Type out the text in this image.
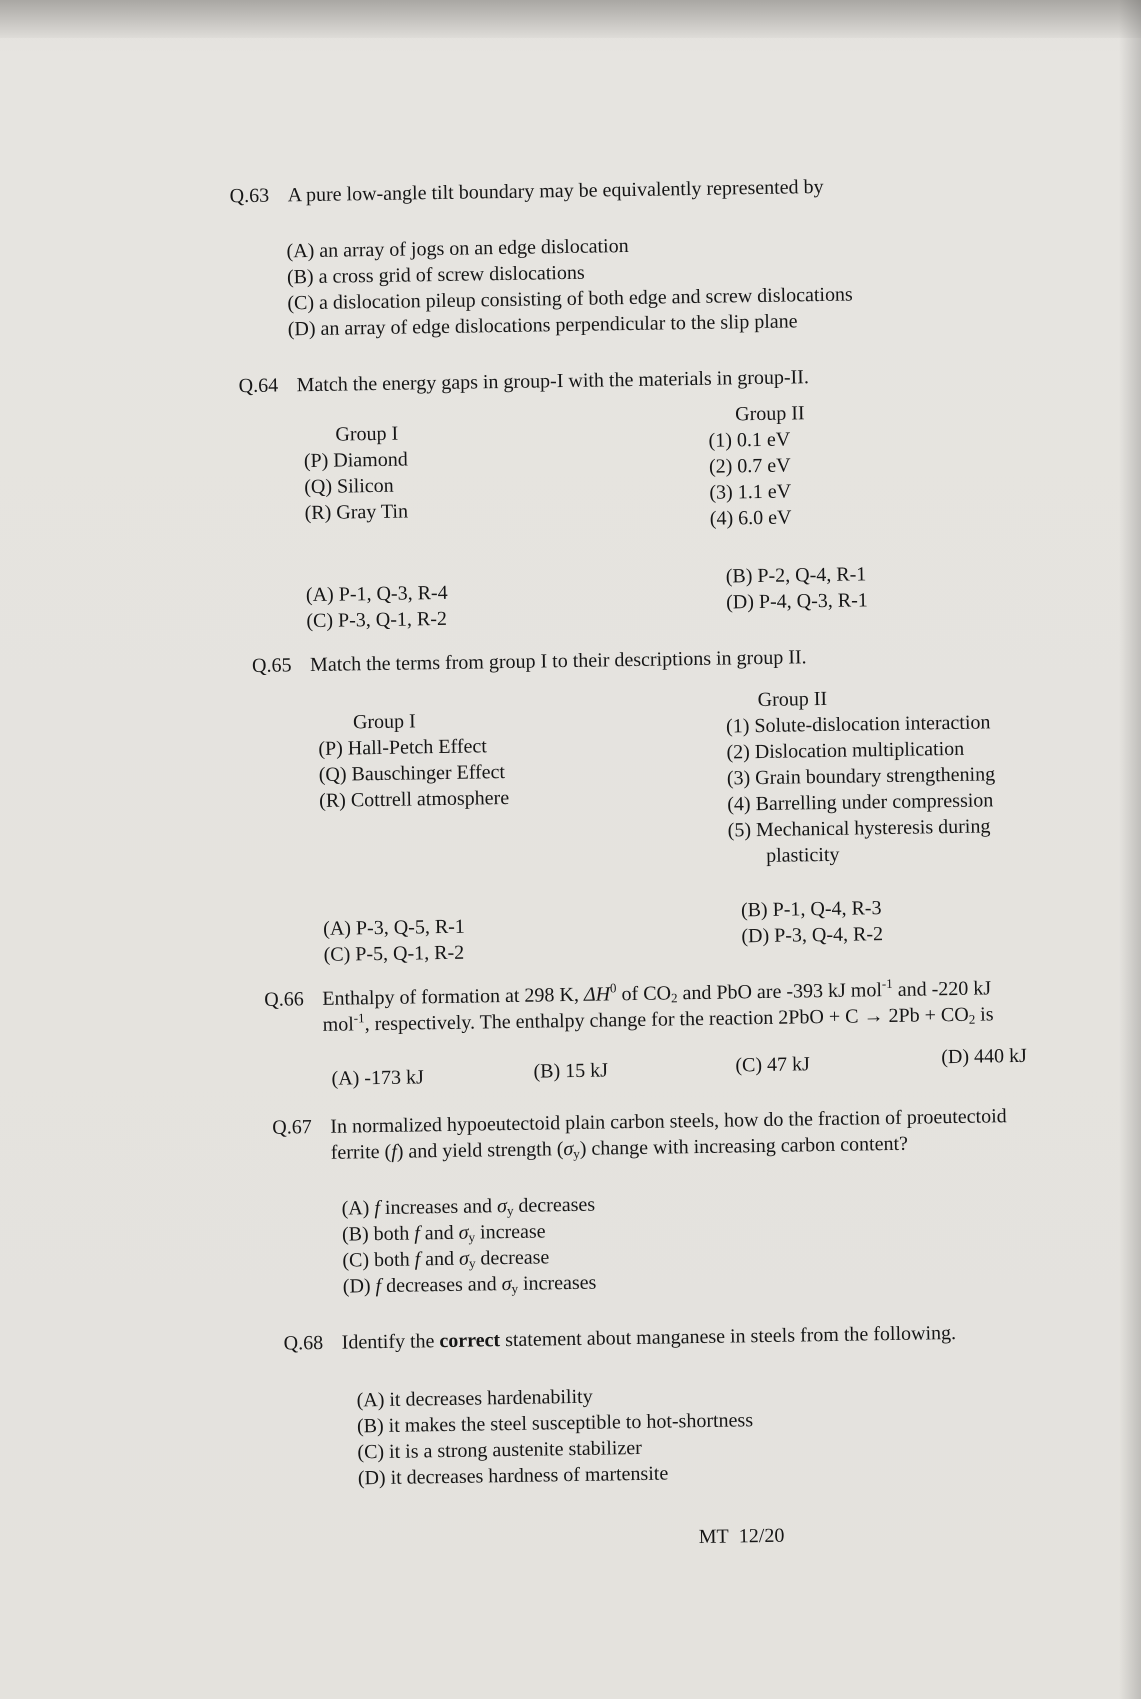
Q.63 A pure low-angle tilt boundary may be equivalently represented by
(A) an array of jogs on an edge dislocation
(B) a cross grid of screw dislocations
(C) a dislocation pileup consisting of both edge and screw dislocations
(D) an array of edge dislocations perpendicular to the slip plane
Q.64 Match the energy gaps in group-I with the materials in group-II.
Group I
(P) Diamond
(Q) Silicon
(R) Gray Tin
Group II
(1) 0.1 eV
(2) 0.7 eV
(3) 1.1 eV
(4) 6.0 eV
(A) P-1, Q-3, R-4
(B) P-2, Q-4, R-1
(C) P-3, Q-1, R-2
(D) P-4, Q-3, R-1
Q.65 Match the terms from group I to their descriptions in group II.
Group I
(P) Hall-Petch Effect
(Q) Bauschinger Effect
(R) Cottrell atmosphere
Group II
(1) Solute-dislocation interaction
(2) Dislocation multiplication
(3) Grain boundary strengthening
(4) Barrelling under compression
(5) Mechanical hysteresis during
plasticity
(A) P-3, Q-5, R-1
(B) P-1, Q-4, R-3
(C) P-5, Q-1, R-2
(D) P-3, Q-4, R-2
Q.66 Enthalpy of formation at 298 K, $\Delta H^0$ of $CO_2$ and PbO are -393 kJ mol$^{-1}$ and -220 kJ
mol$^{-1}$, respectively. The enthalpy change for the reaction $2PbO + C \to 2Pb + CO_2$ is
(A) -173 kJ	(B) 15 kJ	(C) 47 kJ	(D) 440 kJ
Q.67 In normalized hypoeutectoid plain carbon steels, how do the fraction of proeutectoid
ferrite (f) and yield strength $(\sigma_y)$ change with increasing carbon content?
(A) f increases and $\sigma_y$ decreases
(B) both f and $\sigma_y$ increase
(C) both f and $\sigma_y$ decrease
(D) f decreases and $\sigma_y$ increases
Q.68 Identify the correct statement about manganese in steels from the following.
(A) it decreases hardenability
(B) it makes the steel susceptible to hot-shortness
(C) it is a strong austenite stabilizer
(D) it decreases hardness of martensite
MT 12/20
